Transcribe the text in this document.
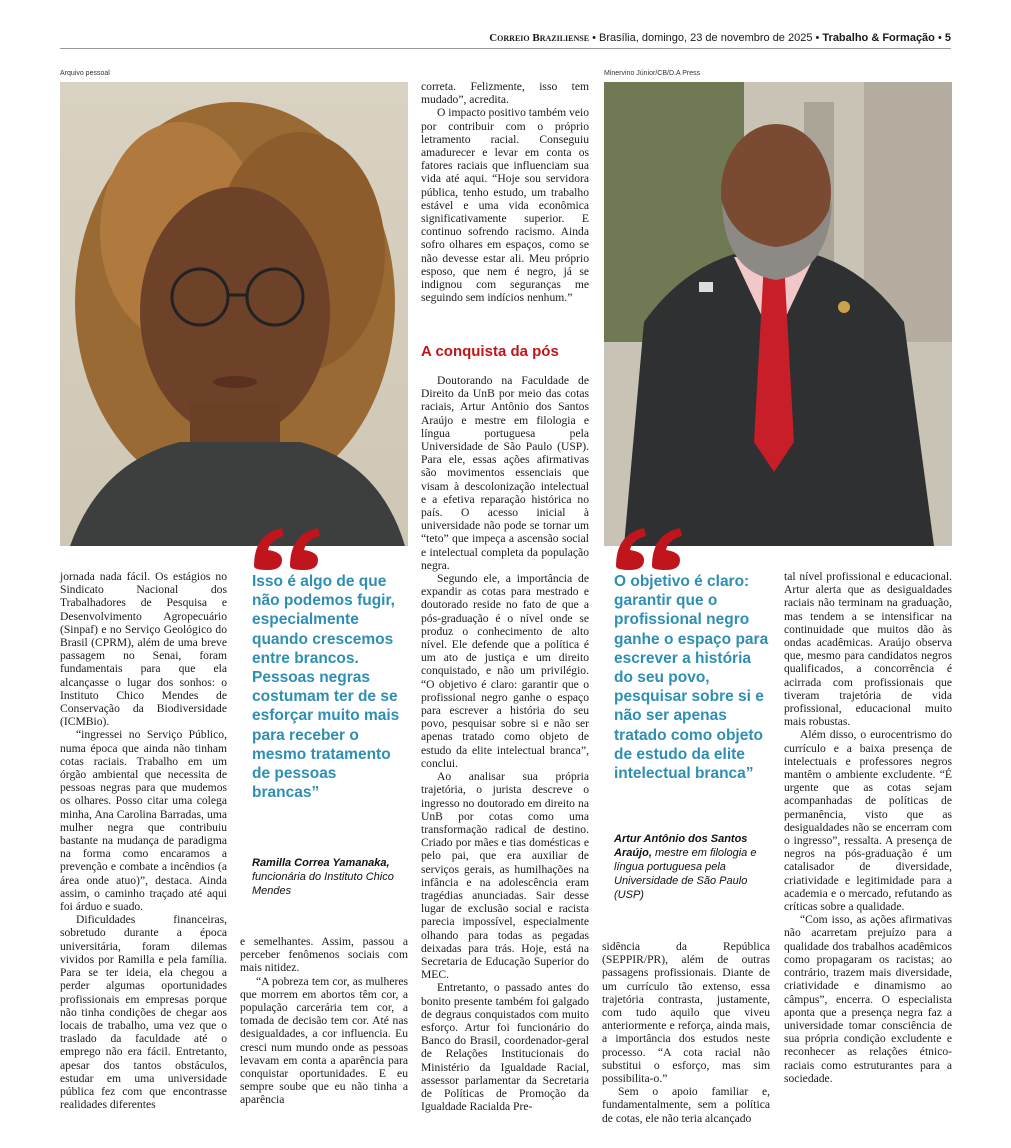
Correio Braziliense • Brasília, domingo, 23 de novembro de 2025 • Trabalho & Formação • 5
Arquivo pessoal	Minervino Júnior/CB/D.A Press
Isso é algo de que não podemos fugir, especialmente quando crescemos entre brancos. Pessoas negras costumam ter de se esforçar muito mais para receber o mesmo tratamento de pessoas brancas”
Ramilla Correa Yamanaka, funcionária do Instituto Chico Mendes
O objetivo é claro: garantir que o profissional negro ganhe o espaço para escrever a história do seu povo, pesquisar sobre si e não ser apenas tratado como objeto de estudo da elite intelectual branca”
Artur Antônio dos Santos Araújo, mestre em filologia e língua portuguesa pela Universidade de São Paulo (USP)

jornada nada fácil. Os estágios no Sindicato Nacional dos Trabalhadores de Pesquisa e Desenvolvimento Agropecuário (Sinpaf) e no Serviço Geológico do Brasil (CPRM), além de uma breve passagem no Senai, foram fundamentais para que ela alcançasse o lugar dos sonhos: o Instituto Chico Mendes de Conservação da Biodiversidade (ICMBio).

“ingressei no Serviço Público, numa época que ainda não tinham cotas raciais. Trabalho em um órgão ambiental que necessita de pessoas negras para que mudemos os olhares. Posso citar uma colega minha, Ana Carolina Barradas, uma mulher negra que contribuiu bastante na mudança de paradigma na forma como encaramos a prevenção e combate a incêndios (a área onde atuo)”, destaca. Ainda assim, o caminho traçado até aqui foi árduo e suado.

Dificuldades financeiras, sobretudo durante a época universitária, foram dilemas vividos por Ramilla e pela família. Para se ter ideia, ela chegou a perder algumas oportunidades profissionais em empresas porque não tinha condições de chegar aos locais de trabalho, uma vez que o traslado da faculdade até o emprego não era fácil. Entretanto, apesar dos tantos obstáculos, estudar em uma universidade pública fez com que encontrasse realidades diferentes

e semelhantes. Assim, passou a perceber fenômenos sociais com mais nitidez.

“A pobreza tem cor, as mulheres que morrem em abortos têm cor, a população carcerária tem cor, a tomada de decisão tem cor. Até nas desigualdades, a cor influencia. Eu cresci num mundo onde as pessoas levavam em conta a aparência para conquistar oportunidades. E eu sempre soube que eu não tinha a aparência

correta. Felizmente, isso tem mudado”, acredita.

O impacto positivo também veio por contribuir com o próprio letramento racial. Conseguiu amadurecer e levar em conta os fatores raciais que influenciam sua vida até aqui. “Hoje sou servidora pública, tenho estudo, um trabalho estável e uma vida econômica significativamente superior. E continuo sofrendo racismo. Ainda sofro olhares em espaços, como se não devesse estar ali. Meu próprio esposo, que nem é negro, já se indignou com seguranças me seguindo sem indícios nenhum.”

A conquista da pós

Doutorando na Faculdade de Direito da UnB por meio das cotas raciais, Artur Antônio dos Santos Araújo e mestre em filologia e língua portuguesa pela Universidade de São Paulo (USP). Para ele, essas ações afirmativas são movimentos essenciais que visam à descolonização intelectual e a efetiva reparação histórica no país. O acesso inicial à universidade não pode se tornar um “teto” que impeça a ascensão social e intelectual completa da população negra.

Segundo ele, a importância de expandir as cotas para mestrado e doutorado reside no fato de que a pós-graduação é o nível onde se produz o conhecimento de alto nível. Ele defende que a política é um ato de justiça e um direito conquistado, e não um privilégio. “O objetivo é claro: garantir que o profissional negro ganhe o espaço para escrever a história do seu povo, pesquisar sobre si e não ser apenas tratado como objeto de estudo da elite intelectual branca”, conclui.

Ao analisar sua própria trajetória, o jurista descreve o ingresso no doutorado em direito na UnB por cotas como uma transformação radical de destino. Criado por mães e tias domésticas e pelo pai, que era auxiliar de serviços gerais, as humilhações na infância e na adolescência eram tragédias anunciadas. Sair desse lugar de exclusão social e racista parecia impossível, especialmente olhando para todas as pegadas deixadas para trás. Hoje, está na Secretaria de Educação Superior do MEC.

Entretanto, o passado antes do bonito presente também foi galgado de degraus conquistados com muito esforço. Artur foi funcionário do Banco do Brasil, coordenador-geral de Relações Institucionais do Ministério da Igualdade Racial, assessor parlamentar da Secretaria de Políticas de Promoção da Igualdade Racialda Pre-

sidência da República (SEPPIR/PR), além de outras passagens profissionais. Diante de um currículo tão extenso, essa trajetória contrasta, justamente, com tudo aquilo que viveu anteriormente e reforça, ainda mais, a importância dos estudos neste processo. “A cota racial não substitui o esforço, mas sim possibilita-o.”

Sem o apoio familiar e, fundamentalmente, sem a política de cotas, ele não teria alcançado

tal nível profissional e educacional. Artur alerta que as desigualdades raciais não terminam na graduação, mas tendem a se intensificar na continuidade que muitos dão às ondas acadêmicas. Araújo observa que, mesmo para candidatos negros qualificados, a concorrência é acirrada com profissionais que tiveram trajetória de vida profissional, educacional muito mais robustas.

Além disso, o eurocentrismo do currículo e a baixa presença de intelectuais e professores negros mantêm o ambiente excludente. “É urgente que as cotas sejam acompanhadas de políticas de permanência, visto que as desigualdades não se encerram com o ingresso”, ressalta. A presença de negros na pós-graduação é um catalisador de diversidade, criatividade e legitimidade para a academia e o mercado, refutando as críticas sobre a qualidade.

“Com isso, as ações afirmativas não acarretam prejuízo para a qualidade dos trabalhos acadêmicos como propagaram os racistas; ao contrário, trazem mais diversidade, criatividade e dinamismo ao câmpus”, encerra. O especialista aponta que a presença negra faz a universidade tomar consciência de sua própria condição excludente e reconhecer as relações étnico-raciais como estruturantes para a sociedade.
